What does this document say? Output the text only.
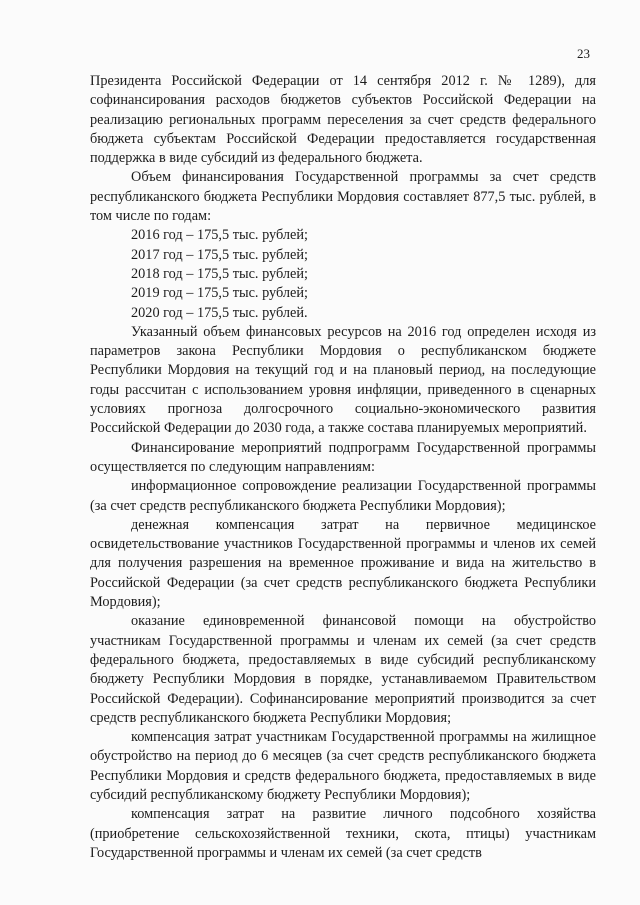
23

Президента Российской Федерации от 14 сентября 2012 г. № 1289), для софинансирования расходов бюджетов субъектов Российской Федерации на реализацию региональных программ переселения за счет средств федерального бюджета субъектам Российской Федерации предоставляется государственная поддержка в виде субсидий из федерального бюджета.

Объем финансирования Государственной программы за счет средств республиканского бюджета Республики Мордовия составляет 877,5 тыс. рублей, в том числе по годам:

2016 год – 175,5 тыс. рублей;
2017 год – 175,5 тыс. рублей;
2018 год – 175,5 тыс. рублей;
2019 год – 175,5 тыс. рублей;
2020 год – 175,5 тыс. рублей.

Указанный объем финансовых ресурсов на 2016 год определен исходя из параметров закона Республики Мордовия о республиканском бюджете Республики Мордовия на текущий год и на плановый период, на последующие годы рассчитан с использованием уровня инфляции, приведенного в сценарных условиях прогноза долгосрочного социально-экономического развития Российской Федерации до 2030 года, а также состава планируемых мероприятий.

Финансирование мероприятий подпрограмм Государственной программы осуществляется по следующим направлениям:

информационное сопровождение реализации Государственной программы (за счет средств республиканского бюджета Республики Мордовия);

денежная компенсация затрат на первичное медицинское освидетельствование участников Государственной программы и членов их семей для получения разрешения на временное проживание и вида на жительство в Российской Федерации (за счет средств республиканского бюджета Республики Мордовия);

оказание единовременной финансовой помощи на обустройство участникам Государственной программы и членам их семей (за счет средств федерального бюджета, предоставляемых в виде субсидий республиканскому бюджету Республики Мордовия в порядке, устанавливаемом Правительством Российской Федерации). Софинансирование мероприятий производится за счет средств республиканского бюджета Республики Мордовия;

компенсация затрат участникам Государственной программы на жилищное обустройство на период до 6 месяцев (за счет средств республиканского бюджета Республики Мордовия и средств федерального бюджета, предоставляемых в виде субсидий республиканскому бюджету Республики Мордовия);

компенсация затрат на развитие личного подсобного хозяйства (приобретение сельскохозяйственной техники, скота, птицы) участникам Государственной программы и членам их семей (за счет средств
